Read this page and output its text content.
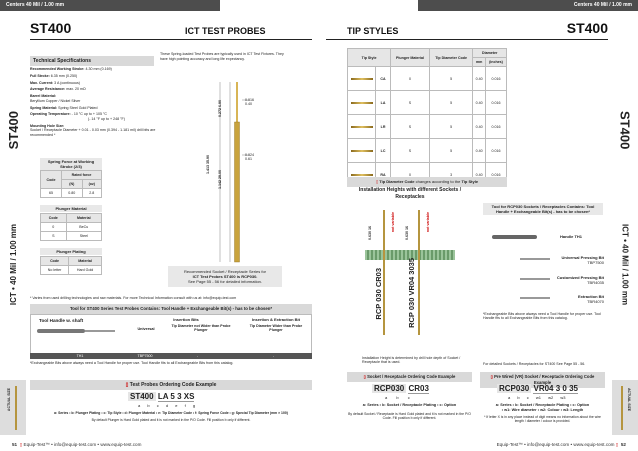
Centers 40 Mil / 1.00 mm	Centers 40 Mil / 1.00 mm
ST400	ICT TEST PROBES	TIP STYLES	ST400
ST400
ICT • 40 Mil / 1.00 mm
ACTUAL SIZE
ST400
ICT • 40 Mil / 1.00 mm
ACTUAL SIZE
Technical Specifications
Recommended Working Stroke: 4.30 mm (0.169)
Full Stroke: 6.35 mm (0.250)
Max. Current: 3 A (continuous)
Average Resistance: max. 20 mΩ
Barrel Material:
Beryllium Copper / Nickel Silver
Spring Material: Spring Steel Gold Plated
Operating Temperature: - 10 °C up to + 105 °C
(- 14 °F up to + 248 °F)
Mounting Hole Size:
Socket / Receptacle Diameter + 0.01 - 0.03 mm (0.394 - 1.181 mil) drill bits are recommended *
Spring Force at Working Stroke (2/3)
Code	Rated force	
	(N)	(oz)
65	0.80	2.8
Plunger Material
Code	Material
0	BeCu
S	Steel
Plunger Plating
Code	Material
No letter	Hard Gold
These Spring-loaded Test Probes are typically used in ICT Test Fixtures. They have high pointing accuracy and long life expectancy.
0.016
0.40
0.272 6.90
0.024
0.61
1.413 35.90
1.142 29.00
Recommended Socket / Receptacle Series for
ICT Test Probes ST400 is RCP030.
See Page 55 - 56 for detailed information.
* Varies from used drilling technologies and raw materials. For more Technical Information consult with us at: info@equip-test.com
Tool for ST400 Series Test Probes Contains: Tool Handle + Exchangeable Bit(s) - has to be chosen*
Tool Handle w. shaft	Insertion Bits	Insertion & Extraction Bit
Universal
Tip Diameter not Wider than Probe Plunger
Tip Diameter Wider than Probe Plunger
TH1	TBP7500	-	-
*Exchangeable Bits above always need a Tool Handle for proper use. Tool Handle fits to all Exchangeable Bits from this catalog.
▯ Test Probes Ordering Code Example
ST400 LA 5 3 XS
a b c d e f g
a: Series • b: Plunger Plating • c: Tip Style • d: Plunger Material • e: Tip Diameter Code • f: Spring Force Code • g: Special Tip Diameter (mm × 100)
By default Plunger is Hard Gold plated and it is not marked in the P/O Code. Fill position b only if different.
Tip Style		Plunger Material	Tip Diameter Code	Diameter	
				mm	(inches)
	CA	0	5	0.40	0.016
	LA	S	5	0.40	0.016
	LR	S	5	0.40	0.016
	LC	S	5	0.40	0.016
	RA	0	3	0.40	0.016
▯ Tip Diameter Code changes according to the Tip Style
Installation Heights with different Sockets / Receptacles
0.630 16	not variable
0.630 16	not variable
RCP 030 CR03	RCP 030 VR04 3035
Installation Height is determined by drill hole depth of Socket / Receptacle that is used.
Tool for RCP030 Sockets / Receptacles Contains: Tool Handle + Exchangeable Bit(s) - has to be chosen*
Handle TH1
Universal Pressing Bit
TBP7500
Customized Pressing Bit
TBR4035
Extraction Bit
TBR4070
*Exchangeable Bits above always need a Tool Handle for proper use. Tool Handle fits to all Exchangeable Bits from this catalog.
For detailed Sockets / Receptacles for ST400 See Page 55 - 56.
▯ Socket / Receptacle Ordering Code Example
RCP030 CR03
a b c
a: Series • b: Socket / Receptacle Plating • c: Option
By default Socket / Receptacle is Hard Gold plated and it is not marked in the P/O Code. Fill position b only if different.
▯ Pre Wired (VR) Socket / Receptacle Ordering Code Example
RCP030 VR04 3 0 35
a b c w1 w2 w3
a: Series • b: Socket / Receptacle Plating • c: Option
• w1: Wire diameter • w2: Colour • w3: Length
* If letter X is in any place instead of digit means no information about the wire length / diameter / colour is provided.
51 ▯ Equip-Test™ • info@equip-test.com • www.equip-test.com	Equip-Test™ • info@equip-test.com • www.equip-test.com ▯ 52
